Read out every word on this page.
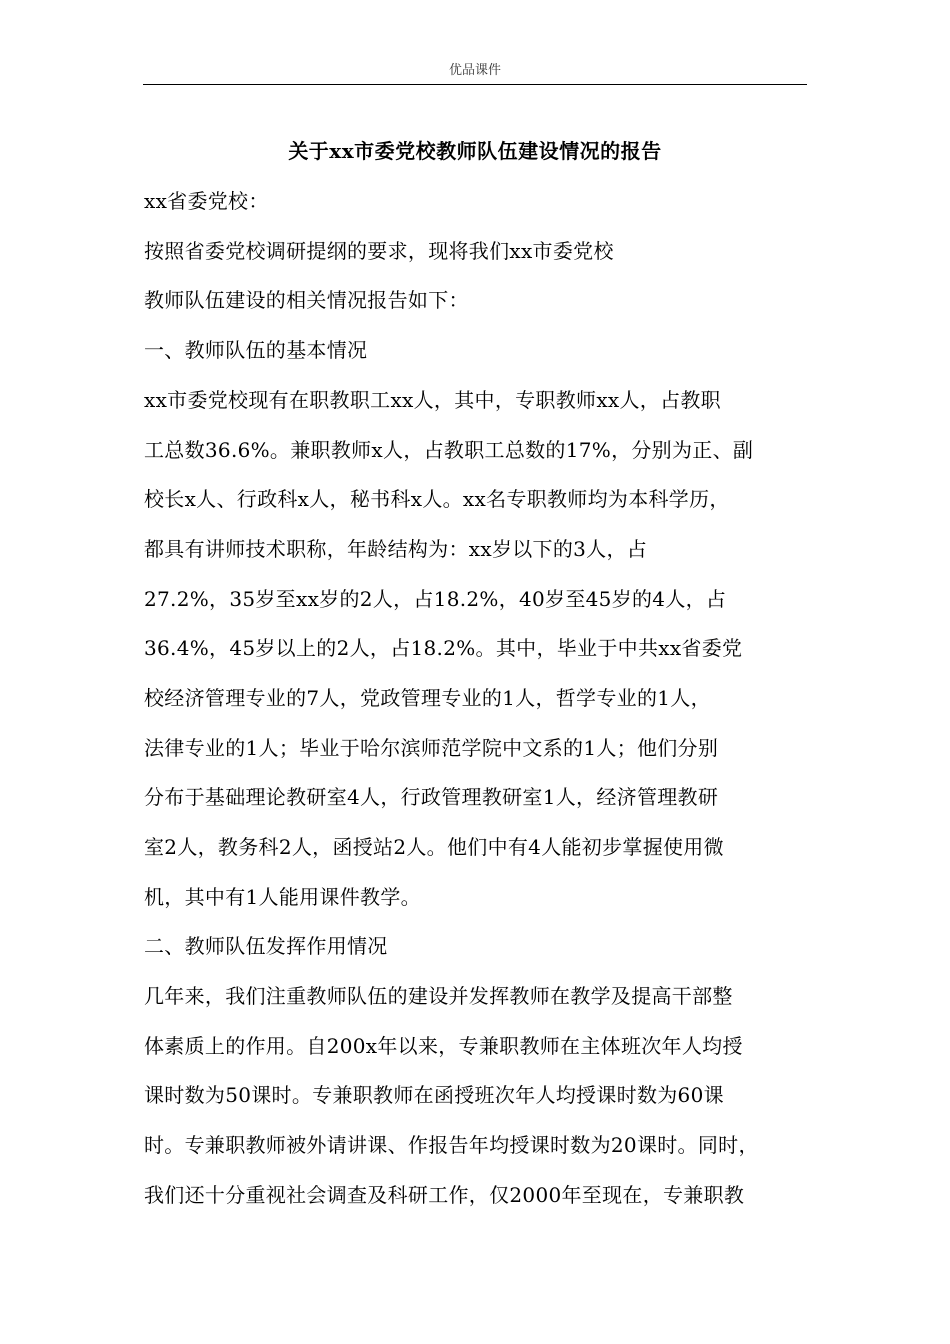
优品课件
关于xx市委党校教师队伍建设情况的报告
xx省委党校：
按照省委党校调研提纲的要求，现将我们xx市委党校
教师队伍建设的相关情况报告如下：
一、教师队伍的基本情况
xx市委党校现有在职教职工xx人，其中，专职教师xx人，占教职
工总数36.6%。兼职教师x人，占教职工总数的17%，分别为正、副
校长x人、行政科x人，秘书科x人。xx名专职教师均为本科学历，
都具有讲师技术职称，年龄结构为：xx岁以下的3人，占
27.2%，35岁至xx岁的2人，占18.2%，40岁至45岁的4人，占
36.4%，45岁以上的2人，占18.2%。其中，毕业于中共xx省委党
校经济管理专业的7人，党政管理专业的1人，哲学专业的1人，
法律专业的1人；毕业于哈尔滨师范学院中文系的1人；他们分别
分布于基础理论教研室4人，行政管理教研室1人，经济管理教研
室2人，教务科2人，函授站2人。他们中有4人能初步掌握使用微
机，其中有1人能用课件教学。
二、教师队伍发挥作用情况
几年来，我们注重教师队伍的建设并发挥教师在教学及提高干部整
体素质上的作用。自200x年以来，专兼职教师在主体班次年人均授
课时数为50课时。专兼职教师在函授班次年人均授课时数为60课
时。专兼职教师被外请讲课、作报告年均授课时数为20课时。同时，
我们还十分重视社会调查及科研工作，仅2000年至现在，专兼职教
